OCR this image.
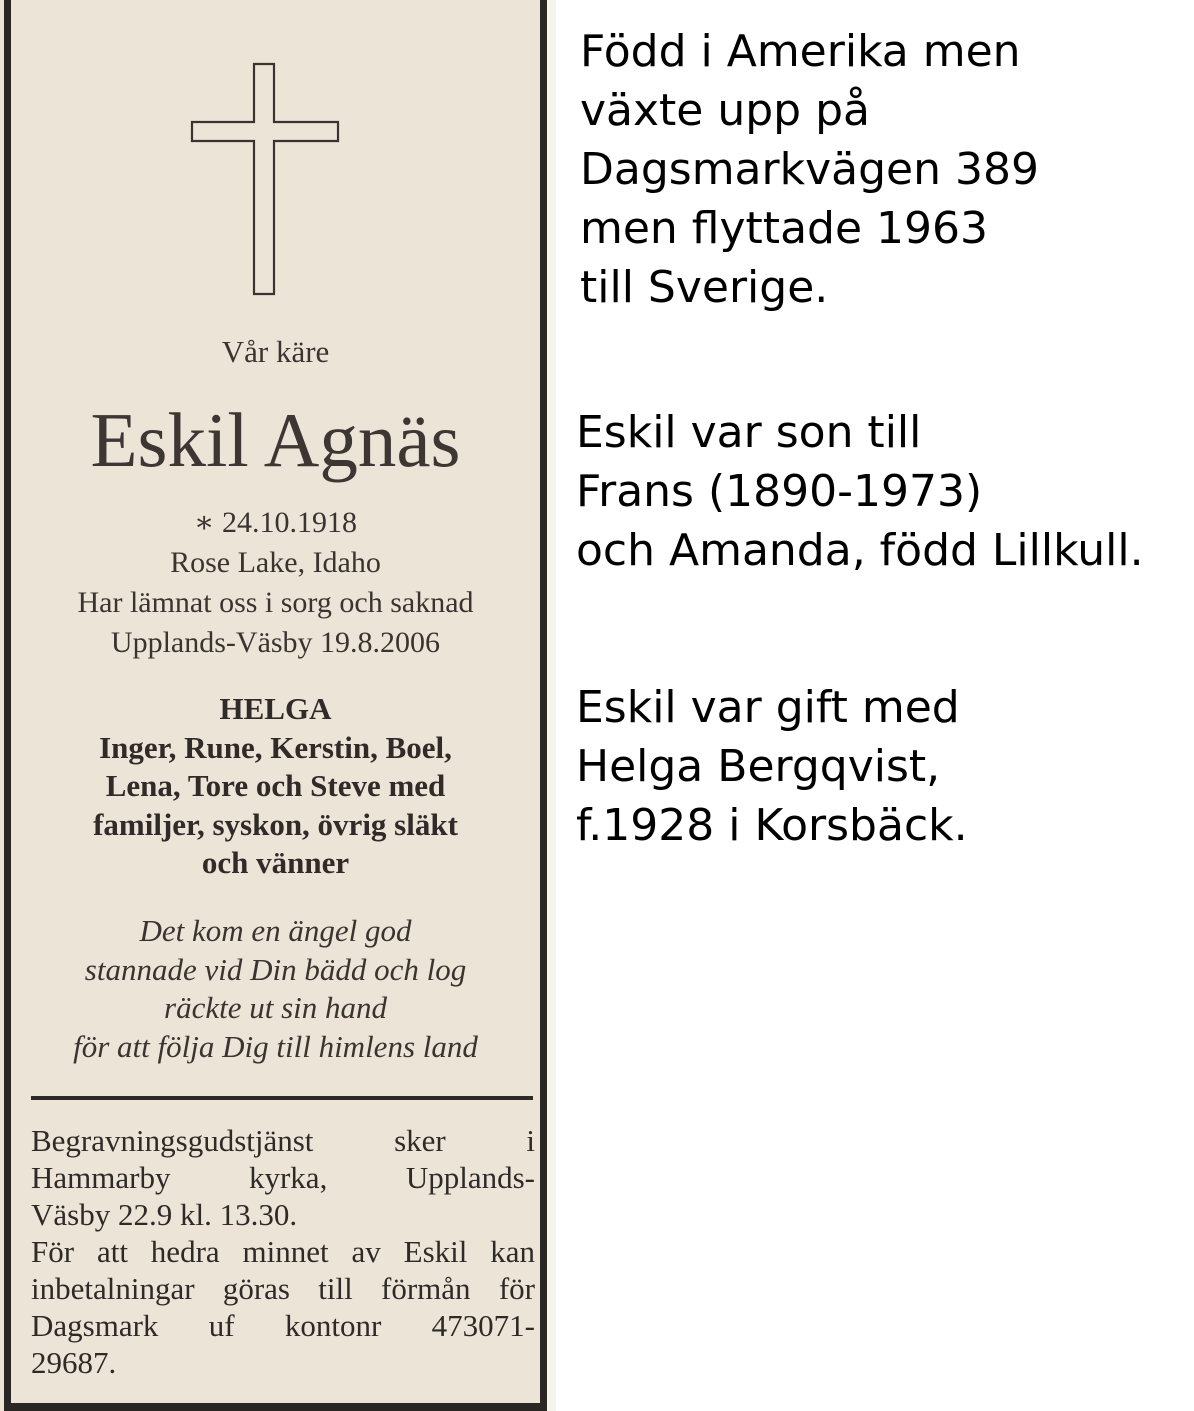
Vår käre
Eskil Agnäs
∗ 24.10.1918
Rose Lake, Idaho
Har lämnat oss i sorg och saknad
Upplands-Väsby 19.8.2006
HELGA
Inger, Rune, Kerstin, Boel,
Lena, Tore och Steve med
familjer, syskon, övrig släkt
och vänner
Det kom en ängel god
stannade vid Din bädd och log
räckte ut sin hand
för att följa Dig till himlens land
Begravningsgudstjänst sker i
Hammarby kyrka, Upplands-
Väsby 22.9 kl. 13.30.
För att hedra minnet av Eskil kan
inbetalningar göras till förmån för
Dagsmark uf kontonr 473071-
29687.
Född i Amerika men
växte upp på
Dagsmarkvägen 389
men flyttade 1963
till Sverige.
Eskil var son till
Frans (1890-1973)
och Amanda, född Lillkull.
Eskil var gift med
Helga Bergqvist,
f.1928 i Korsbäck.
